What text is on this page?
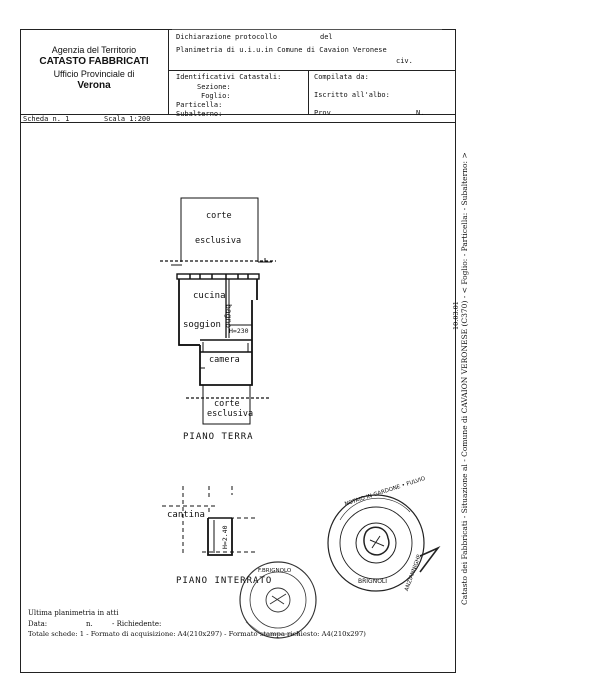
Agenzia del Territorio
CATASTO FABBRICATI
Ufficio Provinciale di
Verona
Dichiarazione protocollo	del
Planimetria di u.i.u.in Comune di Cavaion Veronese
civ.
Identificativi Catastali:
Sezione:
Foglio:
Particella:
Subalterno:
Compilata da:
Iscritto all'albo:
Prov	N.
Scheda n. 1	Scala 1:200
Catasto dei Fabbricati - Situazione al - Comune di CAVAION VERONESE (C370) - < Foglio: - Particella: - Subalterno: >
10.03.01
corte
esclusiva
cucina
bagno
H=230
soggion
camera
corte
esclusiva
PIANO TERRA
cantina
H=2.40
PIANO INTERRATO
NOTAIO IN GARDONE • FULVIO
BRIGNOLI	ANZIANNIGHE
F.BRIGNOLO
Ultima planimetria in atti
Data:	n.	- Richiedente:
Totale schede: 1 - Formato di acquisizione: A4(210x297) - Formato stampa richiesto: A4(210x297)
